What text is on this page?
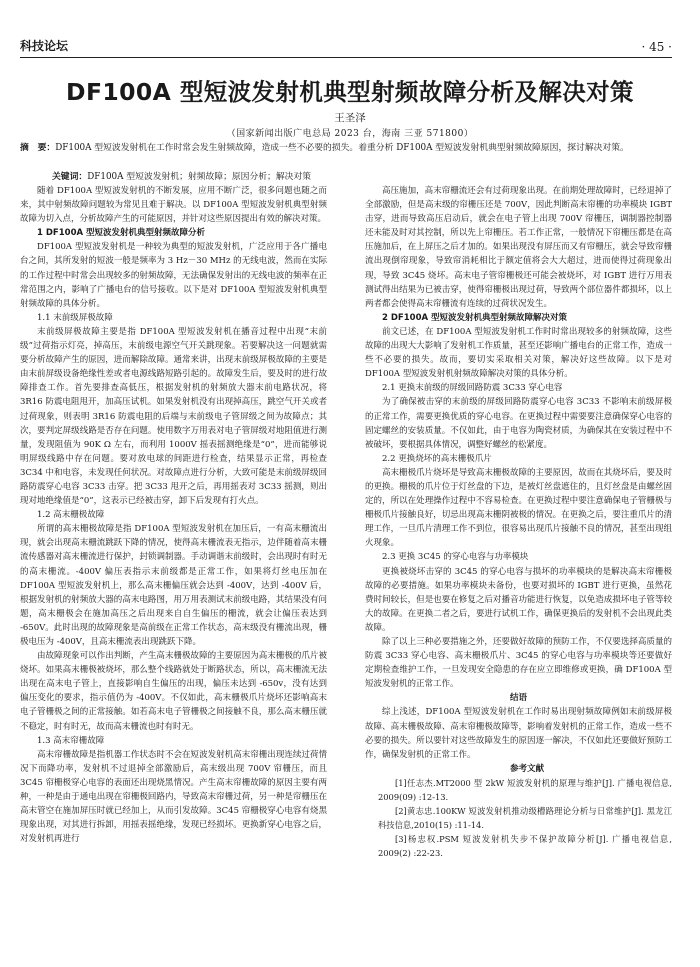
科技论坛	· 45 ·
DF100A 型短波发射机典型射频故障分析及解决对策
王圣泽
（国家新闻出版广电总局 2023 台，海南 三亚 571800）
摘　要：DF100A 型短波发射机在工作时常会发生射频故障，造成一些不必要的损失。着重分析 DF100A 型短波发射机典型射频故障原因，探讨解决对策。
关键词：DF100A 型短波发射机；射频故障；原因分析；解决对策

随着 DF100A 型短波发射机的不断发展，应用不断广泛，很多问题也随之而来，其中射频故障问题较为常见且难于解决。以 DF100A 型短波发射机典型射频故障为切入点，分析故障产生的可能原因，并针对这些原因提出有效的解决对策。

1 DF100A 型短波发射机典型射频故障分析

DF100A 型短波发射机是一种较为典型的短波发射机，广泛应用于各广播电台之间，其所发射的短波一般是频率为 3 Hz－30 MHz 的无线电波，然而在实际的工作过程中时常会出现较多的射频故障，无法确保发射出的无线电波的频率在正常范围之内，影响了广播电台的信号接收。以下是对 DF100A 型短波发射机典型射频故障的具体分析。

1.1 末前级屏极故障

末前级屏极故障主要是指 DF100A 型短波发射机在播音过程中出现“末前级”过荷指示灯亮，掉高压，末前级电源空气开关跳现象。若要解决这一问题就需要分析故障产生的原因，进而解除故障。通常来讲，出现末前级屏极故障的主要是由末前屏级设备绝缘性差或者电源线路短路引起的。故障发生后，要及时的进行故障排查工作。首先要排查高低压，根据发射机的射频放大器末前电路状况，将 3R16 防震电阻甩开，加高压试机。如果发射机没有出现掉高压，跳空气开关或者过荷现象，则表明 3R16 防震电阻的后端与末前级电子管屏级之间为故障点；其次，要判定屏级线路是否存在问题。使用数字万用表对电子管屏级对地阻值进行测量，发现阻值为 90K Ω 左右，而利用 1000V 摇表摇测绝缘是“0”，进而能够说明屏级线路中存在问题。要对放电球的间距进行检查，结果显示正常，再检查 3C34 中和电容，未发现任何状况。对故障点进行分析，大致可能是末前级屏级回路防震穿心电容 3C33 击穿。把 3C33 甩开之后，再用摇表对 3C33 摇测，则出现对地绝缘值是“0”，这表示已经被击穿，卸下后发现有打火点。

1.2 高末栅极故障

所谓的高末栅极故障是指 DF100A 型短波发射机在加压后，一有高末栅流出现，就会出现高末栅流跳跃下降的情况，使得高末栅流表无指示，边伴随着高末栅流传感器对高末栅流进行保护，封锁调制器。手动调谐末前级时，会出现时有时无的高末栅流。-400V 偏压表指示末前级都是正常工作，如果将灯丝电压加在 DF100A 型短波发射机上，那么高末栅偏压就会达到 -400V，达到 -400V 后，根据发射机的射频放大器的高末电路图，用万用表测试末前级电路，其结果没有问题，高末栅极会在施加高压之后出现来自自生偏压的栅流，就会让偏压表达到 -650V。此时出现的故障现象是高前级在正常工作状态，高末级没有栅流出现，栅极电压为 -400V，且高末栅流表出现跳跃下降。

由故障现象可以作出判断，产生高末栅极故障的主要原因为高末栅极的爪片被烧坏。如果高末栅极被烧坏，那么整个线路就处于断路状态，所以，高末栅流无法出现在高末电子管上，直接影响自生偏压的出现，偏压未达到 -650v，没有达到偏压变化的要求，指示值仍为 -400V。不仅如此，高末栅极爪片烧坏还影响高末电子管栅极之间的正常接触。如若高末电子管栅极之间接触不良，那么高末栅压就不稳定，时有时无，故而高末栅流也时有时无。

1.3 高末帘栅故障

高末帘栅故障是指机器工作状态时不会在短波发射机高末帘栅出现连续过荷情况下而降功率，发射机不过退掉全部激励后，高末级出现 700V 帘栅压，而且 3C45 帘栅极穿心电容的表面还出现烧黑情况。产生高末帘栅故障的原因主要有两种，一种是由于通电出现在帘栅极回路内，导致高末帘栅过荷，另一种是帘栅压在高末管空在施加屏压时就已经加上，从而引发故障。3C45 帘栅极穿心电容有烧黑现象出现，对其进行拆卸，用摇表摇绝缘，发现已经损坏。更换新穿心电容之后，对发射机再进行

高压施加，高末帘栅流还会有过荷现象出现。在前期处理故障时，已经退掉了全部激励，但是高末级的帘栅压还是 700V，因此判断高末帘栅的功率模块 IGBT 击穿，进而导致高压启动后，就会在电子管上出现 700V 帘栅压，调制器控制器还未能及时对其控制，所以先上帘栅压。若工作正常，一般情况下帘栅压都是在高压施加后，在上屏压之后才加的。如果出现没有屏压而又有帘栅压，就会导致帘栅流出现倒帘现象，导致帘消耗相比于额定值将会大大超过，进而使得过荷现象出现，导致 3C45 烧坏。高末电子管帘栅极还可能会被烧坏，对 IGBT 进行万用表测试得出结果为已被击穿，使得帘栅极出现过荷，导致两个部位器件都损坏，以上两者都会使得高末帘栅流有连续的过荷状况发生。

2 DF100A 型短波发射机典型射频故障解决对策

前文已述，在 DF100A 型短波发射机工作时时常出现较多的射频故障，这些故障的出现大大影响了发射机工作质量，甚至还影响广播电台的正常工作，造成一些不必要的损失。故而，要切实采取相关对策，解决好这些故障。以下是对 DF100A 型短波发射机射频故障解决对策的具体分析。

2.1 更换末前级的屏级回路防震 3C33 穿心电容

为了确保被击穿的末前级的屏级回路防震穿心电容 3C33 不影响末前级屏极的正常工作，需要更换优质的穿心电容。在更换过程中需要要注意确保穿心电容的固定螺丝的安装质量。不仅如此，由于电容为陶瓷材质，为确保其在安装过程中不被破坏，要根据具体情况，调整好螺丝的松紧度。

2.2 更换烧坏的高末栅极爪片

高末栅极爪片烧坏是导致高末栅极故障的主要原因，故而在其烧坏后，要及时的更换。栅极的爪片位于灯丝盘的下边，是被灯丝盘遮住的，且灯丝盘是由螺丝固定的，所以在处理操作过程中不容易检查。在更换过程中要注意确保电子管栅极与栅极爪片接触良好，切忌出现高末栅阴被极的情况。在更换之后，要注重爪片的清理工作，一旦爪片清理工作不到位，很容易出现爪片接触不良的情况，甚至出现组火现象。

2.3 更换 3C45 的穿心电容与功率模块

更换被烧坏击穿的 3C45 的穿心电容与损坏的功率模块的是解决高末帘栅极故障的必要措施。如果功率模块未备份，也要对损坏的 IGBT 进行更换，虽然花费时间较长，但是也要在修复之后对播音功能进行恢复，以免造成损坏电子管等较大的故障。在更换二者之后，要进行试机工作，确保更换后的发射机不会出现此类故障。

除了以上三种必要措施之外，还要做好故障的预防工作，不仅要选择高质量的防震 3C33 穿心电容、高末栅极爪片、3C45 的穿心电容与功率模块等还要做好定期检查维护工作，一旦发现安全隐患的存在应立即维修或更换，确 DF100A 型短波发射机的正常工作。

结语

综上浅述，DF100A 型短波发射机在工作时易出现射频故障例如末前级屏极故障、高末栅极故障、高末帘栅极故障等，影响着发射机的正常工作，造成一些不必要的损失。所以要针对这些故障发生的原因逐一解决，不仅如此还要做好预防工作，确保发射机的正常工作。

参考文献

[1]任志杰.MT2000 型 2kW 短波发射机的原理与维护[J]. 广播电视信息, 2009(09) :12-13.

[2]黄志忠.100KW 短波发射机推动级槽路理论分析与日常维护[J]. 黑龙江科技信息,2010(15) :11-14.

[3]杨忠权.PSM 短波发射机失步不保护故障分析[J]. 广播电视信息, 2009(2) :22-23.
